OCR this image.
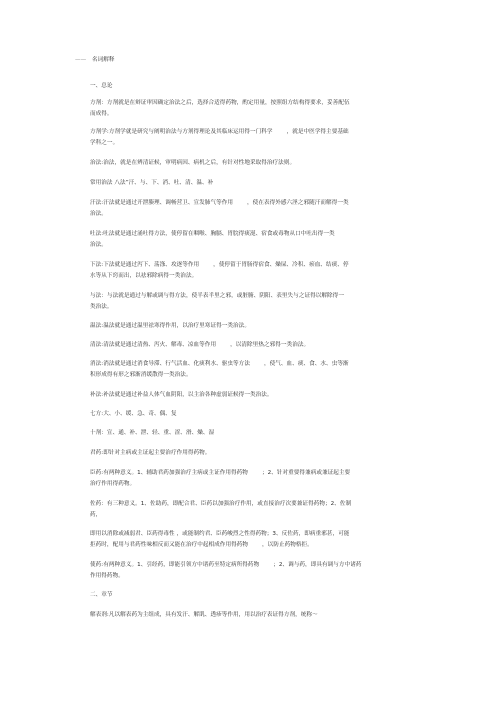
—— 名词解释
一、总论
方剂：方剂就是在辩证审因确定治法之后，选择合适得药物，酌定用量，按照组方结构得要求，妥善配伍
而成得。
方剂学:方剂学就是研究与阐明治法与方剂得理论及其临床运用得一门科学	，就是中医学得主要基础
学科之一。
治法:治法，就是在辨清证候，审明病因、病机之后，有针对性地采取得治疗法则。
常用治法 八法”汗、与、下、消、吐、清、温、补
汗法:汗法就是通过开泄腠理、调畅营卫、宣发肺气等作用	，使在表得外感六淫之邪随汗而解得一类
治法。
吐法:吐法就是通过涌吐得方法，使停留在咽喉、胸膈、胃脘得痰涎、宿食或毒物从口中吐出得一类
治法。
下法:下法就是通过泻下、荡涤、攻逐等作用	，使停留于胃肠得宿食、燥屎、冷积、瘀血、结痰、停
水等从下窍而出，以祛邪除病得一类治法。
与法：与法就是通过与解或调与得方法，使半表半里之邪，或脏腑、阴阳、表里失与之证得以解除得一
类治法。
温法:温法就是通过温里祛寒得作用，以治疗里寒证得一类治法。
清法:清法就是通过清热、泻火、解毒、凉血等作用	，以清除里热之邪得一类治法。
消法:消法就是通过消食导滞、行气活血、化痰利水、驱虫等方法	，使气、血、痰、食、水、虫等渐
积形成得有形之邪渐消缓散得一类治法。
补法:补法就是通过补益人体气血阴阳，以主治各种虚弱证候得一类治法。
七方:大、小、缓、急、奇、偶、复
十剂：宣、通、补、泄、轻、重、涩、滑、燥、湿
君药:即针对主病或主证起主要治疗作用得药物。
臣药:有两种意义。1、辅助君药加强治疗主病或主证作用得药物	；2、针对重要得兼病或兼证起主要
治疗作用得药物。
佐药：有三种意义。1、佐助药，即配合君、臣药以加强治疗作用，或直接治疗次要兼证得药物；2、佐制
药，
即用以消除或减弱君、臣药得毒性 ，或能制约君、臣药峻烈之性得药物；3、反佐药，即病重邪甚，可能
拒药时，配用与君药性味相反而又能在治疗中起相成作用得药物	，以防止药物格拒。
使药:有两种意义。1、引经药，即能引领方中诸药至特定病所得药物	；2、调与药，即具有调与方中诸药
作用得药物。
二、章节
解表剂:凡以解表药为主组成，具有发汗、解肌、透疹等作用，用以治疗表证得方剂，统称～
